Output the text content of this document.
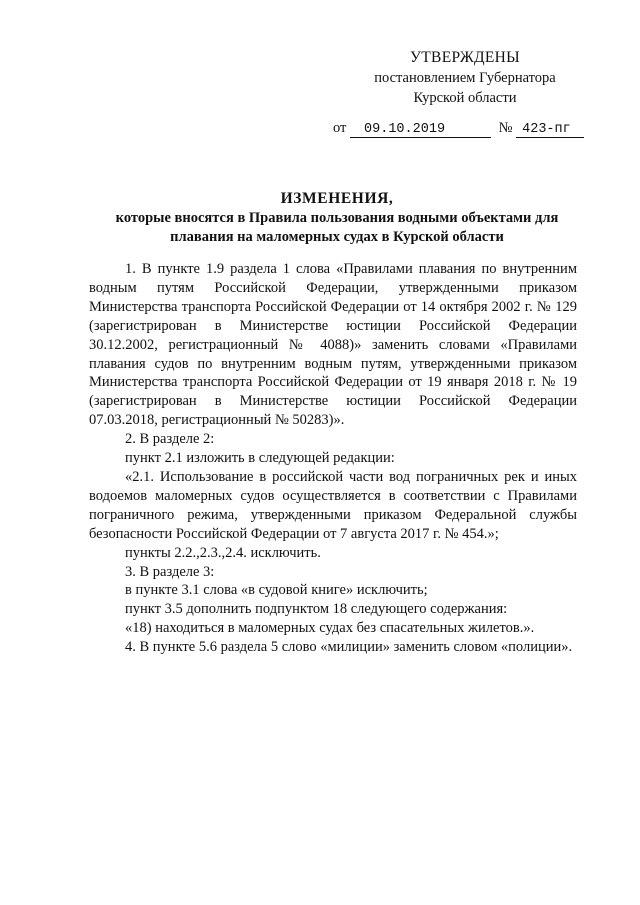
УТВЕРЖДЕНЫ
постановлением Губернатора
Курской области
от 09.10.2019	№ 423-пг
ИЗМЕНЕНИЯ,
которые вносятся в Правила пользования водными объектами для плавания на маломерных судах в Курской области

1. В пункте 1.9 раздела 1 слова «Правилами плавания по внутренним водным путям Российской Федерации, утвержденными приказом Министерства транспорта Российской Федерации от 14 октября 2002 г. № 129 (зарегистрирован в Министерстве юстиции Российской Федерации 30.12.2002, регистрационный № 4088)» заменить словами «Правилами плавания судов по внутренним водным путям, утвержденными приказом Министерства транспорта Российской Федерации от 19 января 2018 г. № 19 (зарегистрирован в Министерстве юстиции Российской Федерации 07.03.2018, регистрационный № 50283)».

2. В разделе 2:

пункт 2.1 изложить в следующей редакции:

«2.1. Использование в российской части вод пограничных рек и иных водоемов маломерных судов осуществляется в соответствии с Правилами пограничного режима, утвержденными приказом Федеральной службы безопасности Российской Федерации от 7 августа 2017 г. № 454.»;

пункты 2.2.,2.3.,2.4. исключить.

3. В разделе 3:

в пункте 3.1 слова «в судовой книге» исключить;

пункт 3.5 дополнить подпунктом 18 следующего содержания:

«18) находиться в маломерных судах без спасательных жилетов.».

4. В пункте 5.6 раздела 5 слово «милиции» заменить словом «полиции».
